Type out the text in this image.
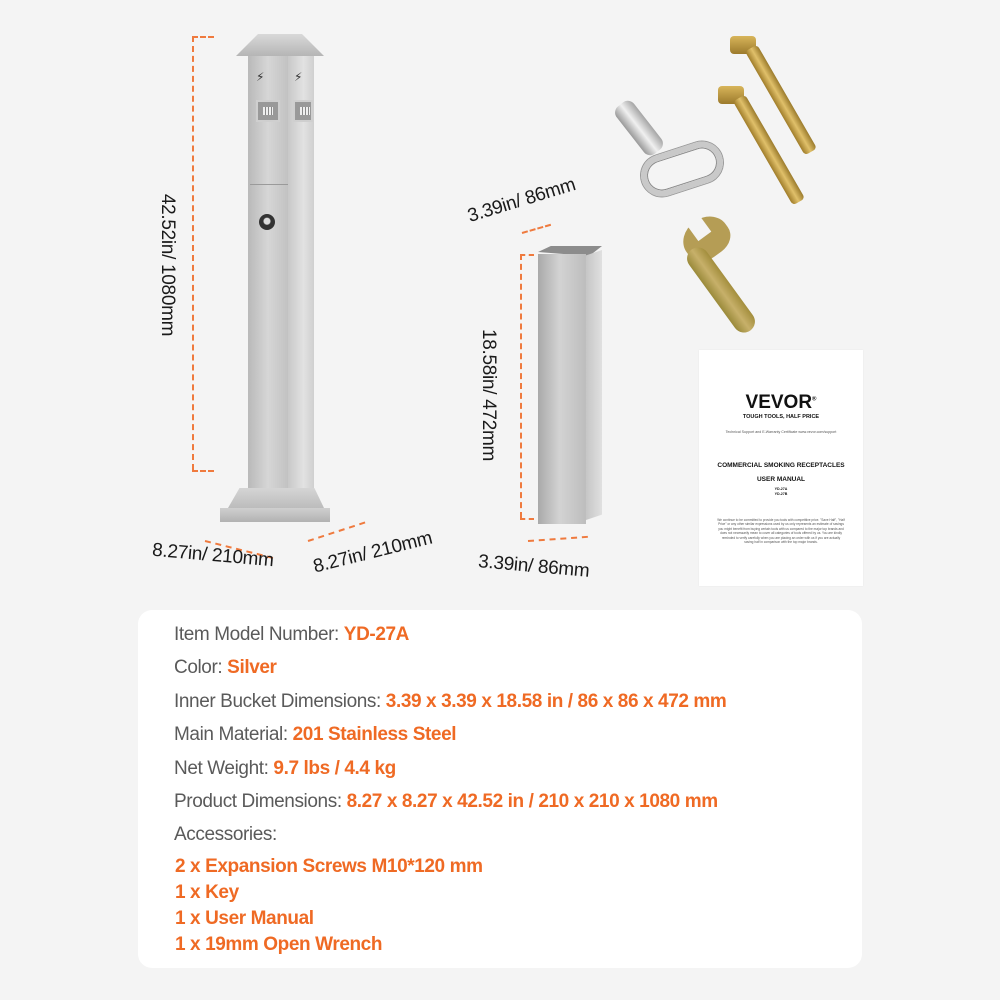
⚡︎ ⚡︎
42.52in/ 1080mm
8.27in/ 210mm 8.27in/ 210mm
3.39in/ 86mm
18.58in/ 472mm
3.39in/ 86mm
VEVOR®
TOUGH TOOLS, HALF PRICE
Technical Support and E-Warranty Certificate www.vevor.com/support
COMMERCIAL SMOKING RECEPTACLES
USER MANUAL
YD-27A
YD-27B
We continue to be committed to provide you tools with competitive price. "Save Half", "Half Price" or any other similar expressions used by us only represents an estimate of savings you might benefit from buying certain tools with us compared to the major top brands and does not necessarily mean to cover all categories of tools offered by us. You are kindly reminded to verify carefully when you are placing an order with us if you are actually saving half in comparison with the top major brands.
Item Model Number: YD-27A
Color: Silver
Inner Bucket Dimensions: 3.39 x 3.39 x 18.58 in / 86 x 86 x 472 mm
Main Material: 201 Stainless Steel
Net Weight: 9.7 lbs / 4.4 kg
Product Dimensions: 8.27 x 8.27 x 42.52 in / 210 x 210 x 1080 mm
Accessories:
2 x Expansion Screws M10*120 mm
1 x Key
1 x User Manual
1 x 19mm Open Wrench
